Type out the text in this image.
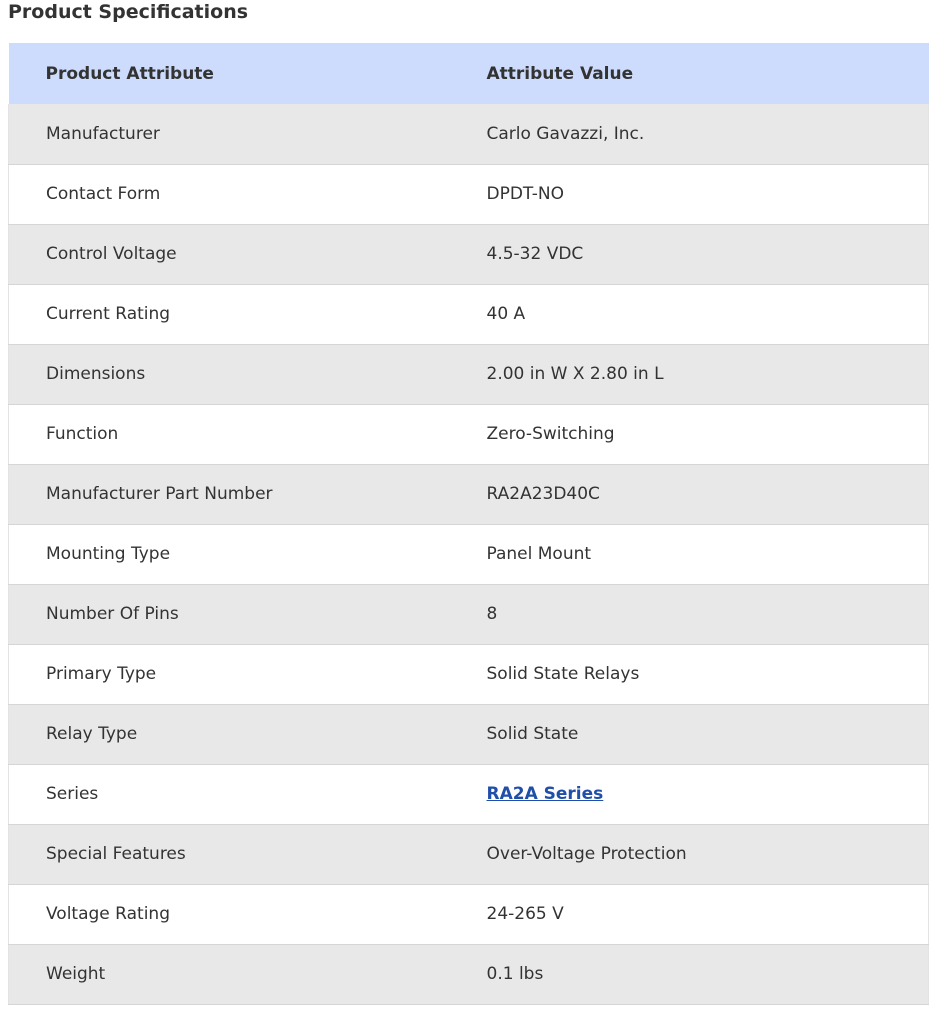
Product Specifications
Product Attribute	Attribute Value
Manufacturer	Carlo Gavazzi, Inc.
Contact Form	DPDT-NO
Control Voltage	4.5-32 VDC
Current Rating	40 A
Dimensions	2.00 in W X 2.80 in L
Function	Zero-Switching
Manufacturer Part Number	RA2A23D40C
Mounting Type	Panel Mount
Number Of Pins	8
Primary Type	Solid State Relays
Relay Type	Solid State
Series	RA2A Series
Special Features	Over-Voltage Protection
Voltage Rating	24-265 V
Weight	0.1 lbs
